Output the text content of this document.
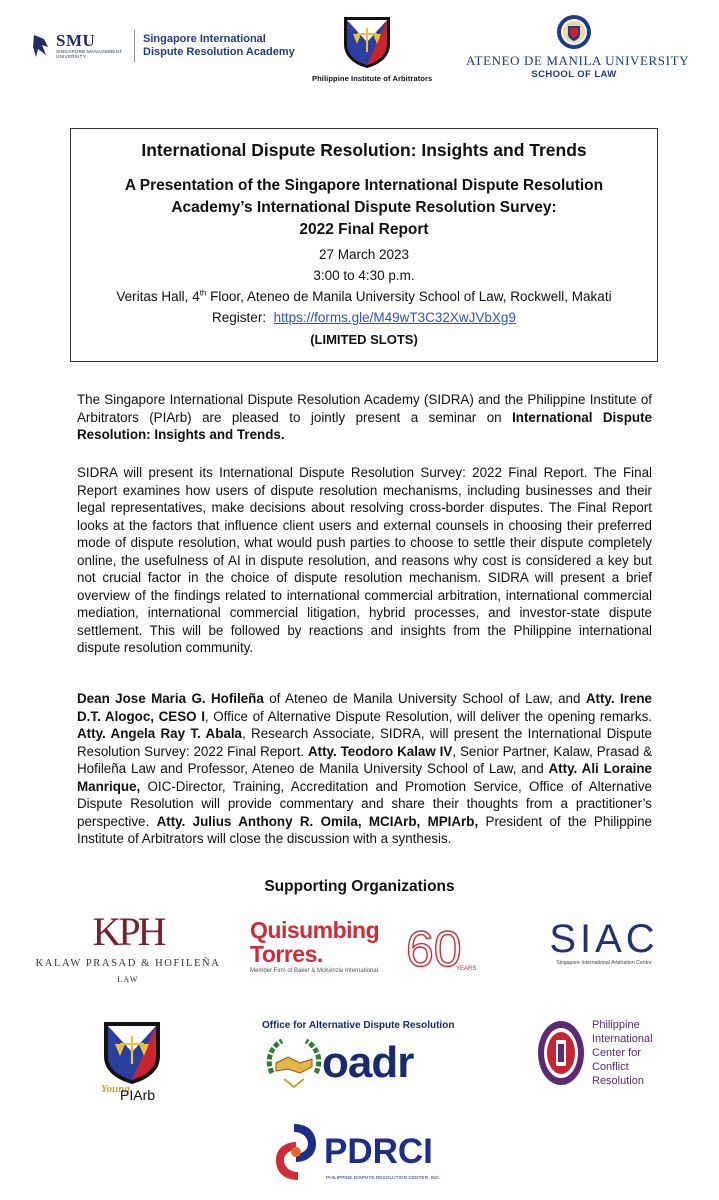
SMU
SINGAPORE MANAGEMENT UNIVERSITY
Singapore International
Dispute Resolution Academy
Philippine Institute of Arbitrators
ATENEO DE MANILA UNIVERSITY
SCHOOL OF LAW
International Dispute Resolution: Insights and Trends
A Presentation of the Singapore International Dispute Resolution
Academy’s International Dispute Resolution Survey:
2022 Final Report
27 March 2023
3:00 to 4:30 p.m.
Veritas Hall, 4th Floor, Ateneo de Manila University School of Law, Rockwell, Makati
Register: https://forms.gle/M49wT3C32XwJVbXg9
(LIMITED SLOTS)

The Singapore International Dispute Resolution Academy (SIDRA) and the Philippine Institute of Arbitrators (PIArb) are pleased to jointly present a seminar on International Dispute Resolution: Insights and Trends.

SIDRA will present its International Dispute Resolution Survey: 2022 Final Report. The Final Report examines how users of dispute resolution mechanisms, including businesses and their legal representatives, make decisions about resolving cross-border disputes. The Final Report looks at the factors that influence client users and external counsels in choosing their preferred mode of dispute resolution, what would push parties to choose to settle their dispute completely online, the usefulness of AI in dispute resolution, and reasons why cost is considered a key but not crucial factor in the choice of dispute resolution mechanism. SIDRA will present a brief overview of the findings related to international commercial arbitration, international commercial mediation, international commercial litigation, hybrid processes, and investor-state dispute settlement. This will be followed by reactions and insights from the Philippine international dispute resolution community.

Dean Jose Maria G. Hofileña of Ateneo de Manila University School of Law, and Atty. Irene D.T. Alogoc, CESO I, Office of Alternative Dispute Resolution, will deliver the opening remarks. Atty. Angela Ray T. Abala, Research Associate, SIDRA, will present the International Dispute Resolution Survey: 2022 Final Report. Atty. Teodoro Kalaw IV, Senior Partner, Kalaw, Prasad & Hofileña Law and Professor, Ateneo de Manila University School of Law, and Atty. Ali Loraine Manrique, OIC-Director, Training, Accreditation and Promotion Service, Office of Alternative Dispute Resolution will provide commentary and share their thoughts from a practitioner’s perspective. Atty. Julius Anthony R. Omila, MCIArb, MPIArb, President of the Philippine Institute of Arbitrators will close the discussion with a synthesis.

Supporting Organizations
KPH
KALAW PRASAD & HOFILEÑA
LAW
Quisumbing
Torres.
Member Firm of Baker & McKenzie International 60
YEARS
SIAC
Singapore International Arbitration Centre
Young
PIArb
Office for Alternative Dispute Resolution
oadr
Philippine
International
Center for
Conflict
Resolution
PDRCI
PHILIPPINE DISPUTE RESOLUTION CENTER, INC.
